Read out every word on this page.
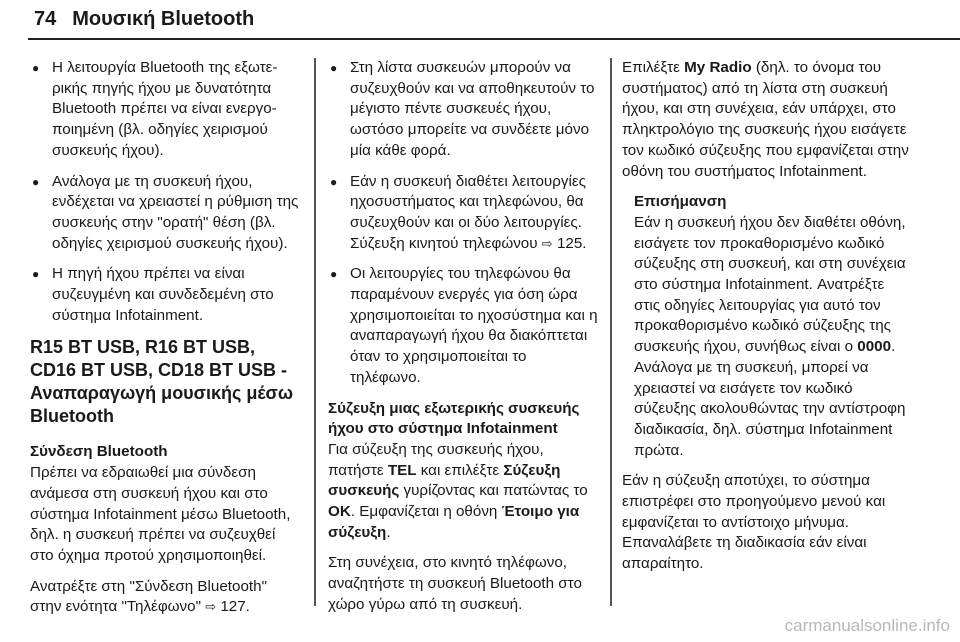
74 Μουσική Bluetooth
● Η λειτουργία Bluetooth της εξωτερικής πηγής ήχου με δυνατότητα Bluetooth πρέπει να είναι ενεργοποιημένη (βλ. οδηγίες χειρισμού συσκευής ήχου).
● Ανάλογα με τη συσκευή ήχου, ενδέχεται να χρειαστεί η ρύθμιση της συσκευής στην "ορατή" θέση (βλ. οδηγίες χειρισμού συσκευής ήχου).
● Η πηγή ήχου πρέπει να είναι συζευγμένη και συνδεδεμένη στο σύστημα Infotainment.
R15 BT USB, R16 BT USB, CD16 BT USB, CD18 BT USB - Αναπαραγωγή μουσικής μέσω Bluetooth
Σύνδεση Bluetooth

Πρέπει να εδραιωθεί μια σύνδεση ανάμεσα στη συσκευή ήχου και στο σύστημα Infotainment μέσω Bluetooth, δηλ. η συσκευή πρέπει να συζευχθεί στο όχημα προτού χρησιμοποιηθεί.

Ανατρέξτε στη "Σύνδεση Bluetooth" στην ενότητα "Τηλέφωνο" ⇨ 127.

● Στη λίστα συσκευών μπορούν να συζευχθούν και να αποθηκευτούν το μέγιστο πέντε συσκευές ήχου, ωστόσο μπορείτε να συνδέετε μόνο μία κάθε φορά.
● Εάν η συσκευή διαθέτει λειτουργίες ηχοσυστήματος και τηλεφώνου, θα συζευχθούν και οι δύο λειτουργίες. Σύζευξη κινητού τηλεφώνου ⇨ 125.
● Οι λειτουργίες του τηλεφώνου θα παραμένουν ενεργές για όση ώρα χρησιμοποιείται το ηχοσύστημα και η αναπαραγωγή ήχου θα διακόπτεται όταν το χρησιμοποιείται το τηλέφωνο.
Σύζευξη μιας εξωτερικής συσκευής ήχου στο σύστημα Infotainment

Για σύζευξη της συσκευής ήχου, πατήστε TEL και επιλέξτε Σύζευξη συσκευής γυρίζοντας και πατώντας το OK. Εμφανίζεται η οθόνη Έτοιμο για σύζευξη.

Στη συνέχεια, στο κινητό τηλέφωνο, αναζητήστε τη συσκευή Bluetooth στο χώρο γύρω από τη συσκευή.

Επιλέξτε My Radio (δηλ. το όνομα του συστήματος) από τη λίστα στη συσκευή ήχου, και στη συνέχεια, εάν υπάρχει, στο πληκτρολόγιο της συσκευής ήχου εισάγετε τον κωδικό σύζευξης που εμφανίζεται στην οθόνη του συστήματος Infotainment.

Επισήμανση

Εάν η συσκευή ήχου δεν διαθέτει οθόνη, εισάγετε τον προκαθορισμένο κωδικό σύζευξης στη συσκευή, και στη συνέχεια στο σύστημα Infotainment. Ανατρέξτε στις οδηγίες λειτουργίας για αυτό τον προκαθορισμένο κωδικό σύζευξης της συσκευής ήχου, συνήθως είναι ο 0000. Ανάλογα με τη συσκευή, μπορεί να χρειαστεί να εισάγετε τον κωδικό σύζευξης ακολουθώντας την αντίστροφη διαδικασία, δηλ. σύστημα Infotainment πρώτα.

Εάν η σύζευξη αποτύχει, το σύστημα επιστρέφει στο προηγούμενο μενού και εμφανίζεται το αντίστοιχο μήνυμα. Επαναλάβετε τη διαδικασία εάν είναι απαραίτητο.

carmanualsonline.info
